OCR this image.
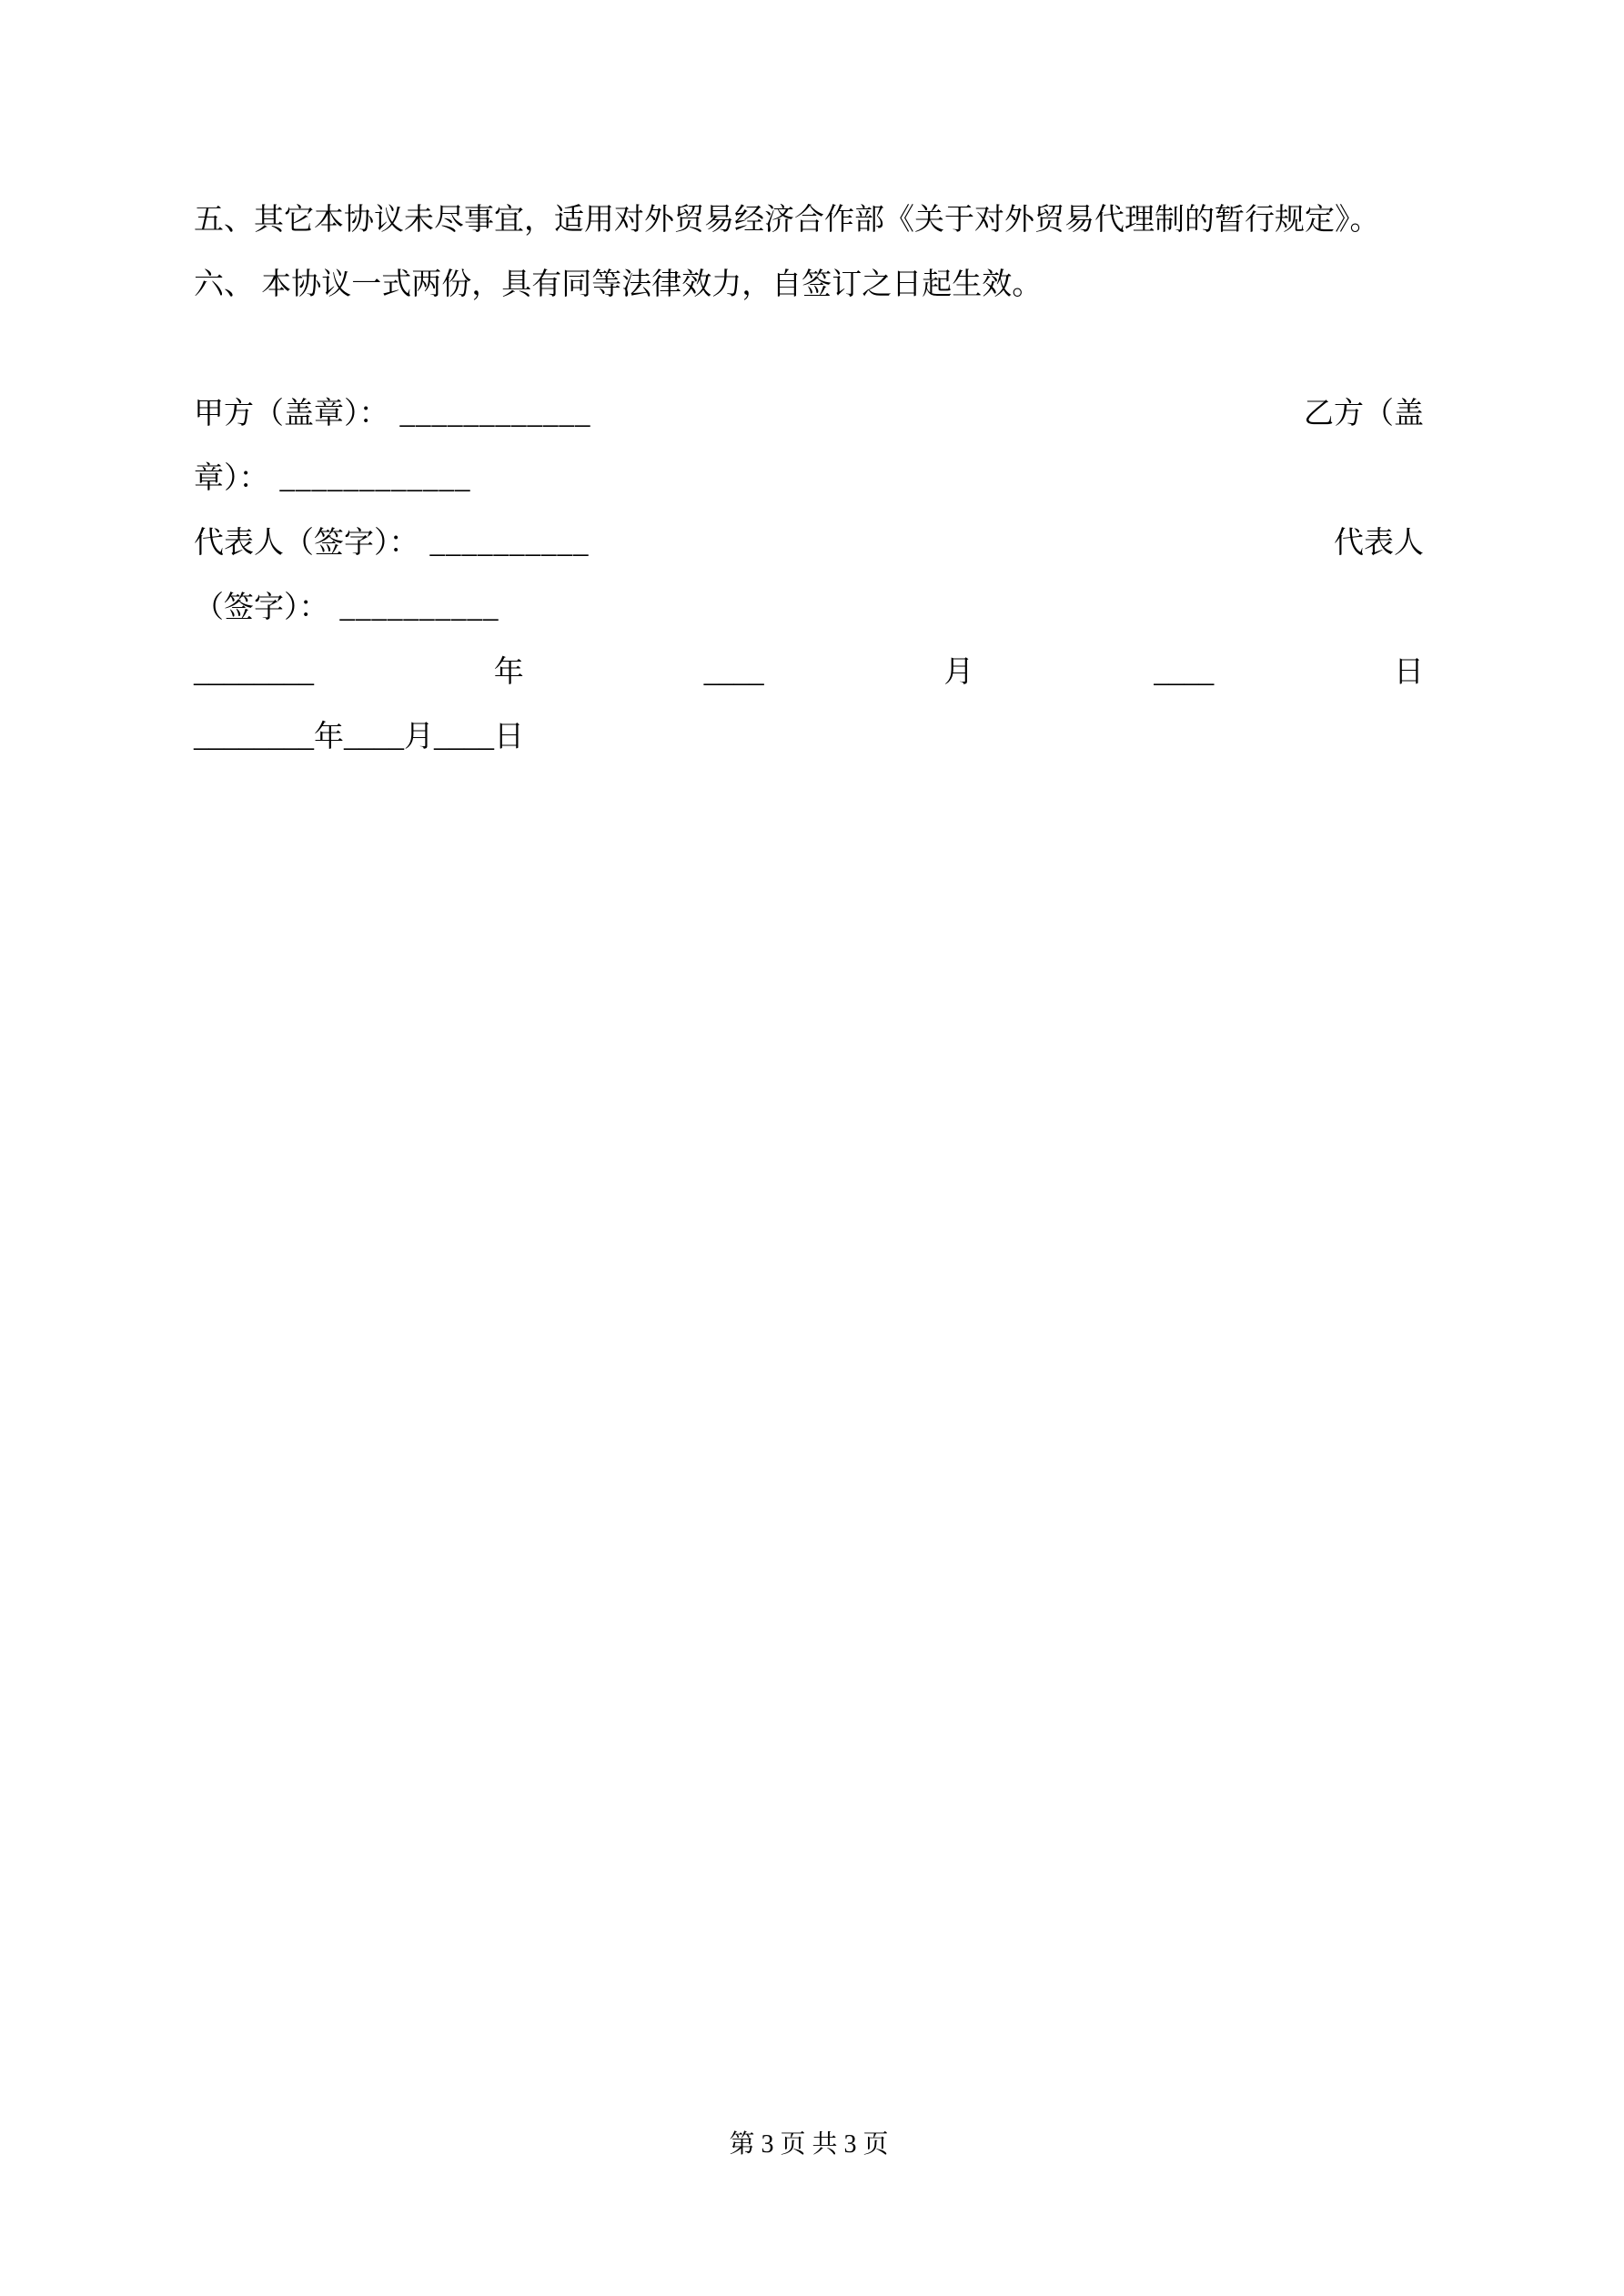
五、其它本协议未尽事宜，适用对外贸易经济合作部《关于对外贸易代理制的暂行规定》。

六、 本协议一式两份，具有同等法律效力，自签订之日起生效。

甲方（盖章）： ____________	乙方（盖
章）： ____________
代表人（签字）： __________	代表人
（签字）： __________
________	年	____	月	____	日
________年____月____日
第 3 页 共 3 页
